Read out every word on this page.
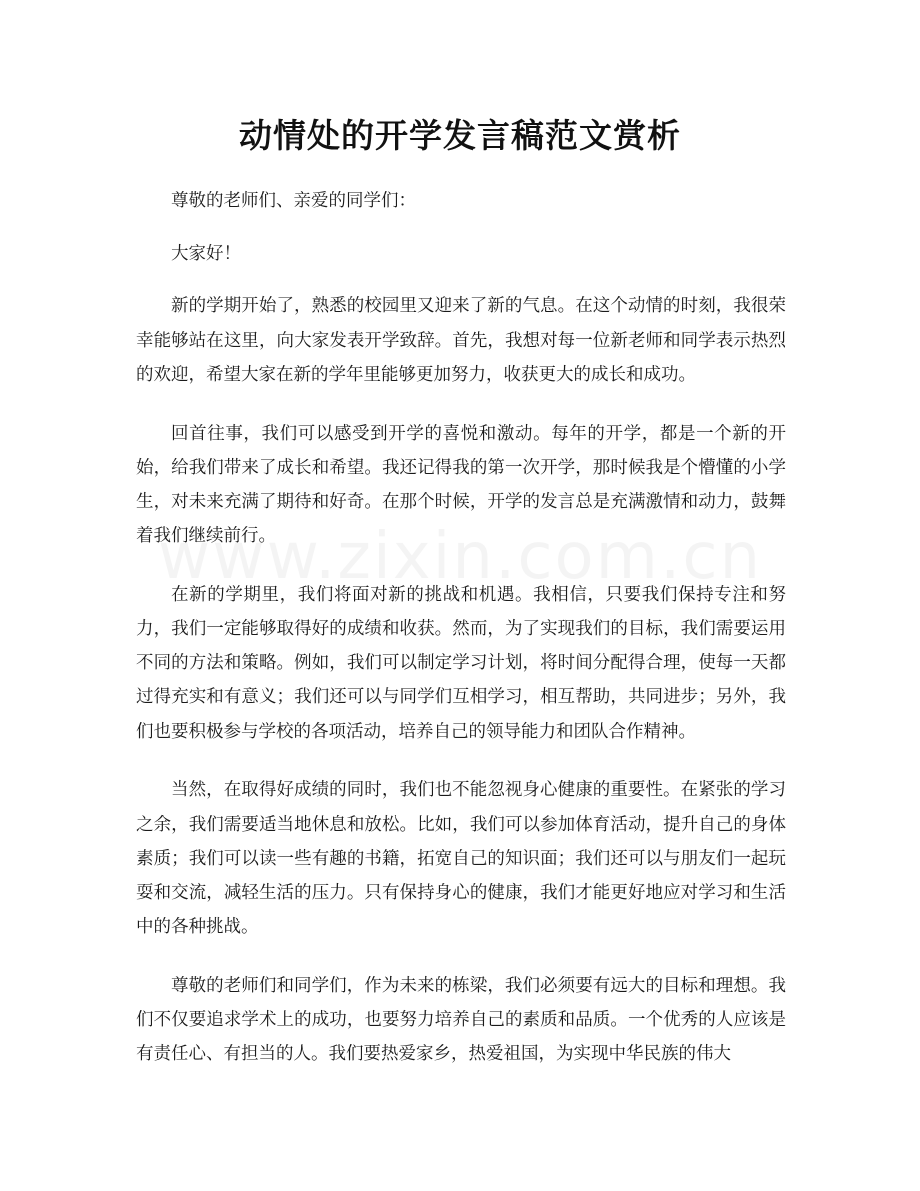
动情处的开学发言稿范文赏析

尊敬的老师们、亲爱的同学们：

大家好！

新的学期开始了，熟悉的校园里又迎来了新的气息。在这个动情的时刻，我很荣幸能够站在这里，向大家发表开学致辞。首先，我想对每一位新老师和同学表示热烈的欢迎，希望大家在新的学年里能够更加努力，收获更大的成长和成功。

回首往事，我们可以感受到开学的喜悦和激动。每年的开学，都是一个新的开始，给我们带来了成长和希望。我还记得我的第一次开学，那时候我是个懵懂的小学生，对未来充满了期待和好奇。在那个时候，开学的发言总是充满激情和动力，鼓舞着我们继续前行。

在新的学期里，我们将面对新的挑战和机遇。我相信，只要我们保持专注和努力，我们一定能够取得好的成绩和收获。然而，为了实现我们的目标，我们需要运用不同的方法和策略。例如，我们可以制定学习计划，将时间分配得合理，使每一天都过得充实和有意义；我们还可以与同学们互相学习，相互帮助，共同进步；另外，我们也要积极参与学校的各项活动，培养自己的领导能力和团队合作精神。

当然，在取得好成绩的同时，我们也不能忽视身心健康的重要性。在紧张的学习之余，我们需要适当地休息和放松。比如，我们可以参加体育活动，提升自己的身体素质；我们可以读一些有趣的书籍，拓宽自己的知识面；我们还可以与朋友们一起玩耍和交流，减轻生活的压力。只有保持身心的健康，我们才能更好地应对学习和生活中的各种挑战。

尊敬的老师们和同学们，作为未来的栋梁，我们必须要有远大的目标和理想。我们不仅要追求学术上的成功，也要努力培养自己的素质和品质。一个优秀的人应该是有责任心、有担当的人。我们要热爱家乡，热爱祖国，为实现中华民族的伟大
